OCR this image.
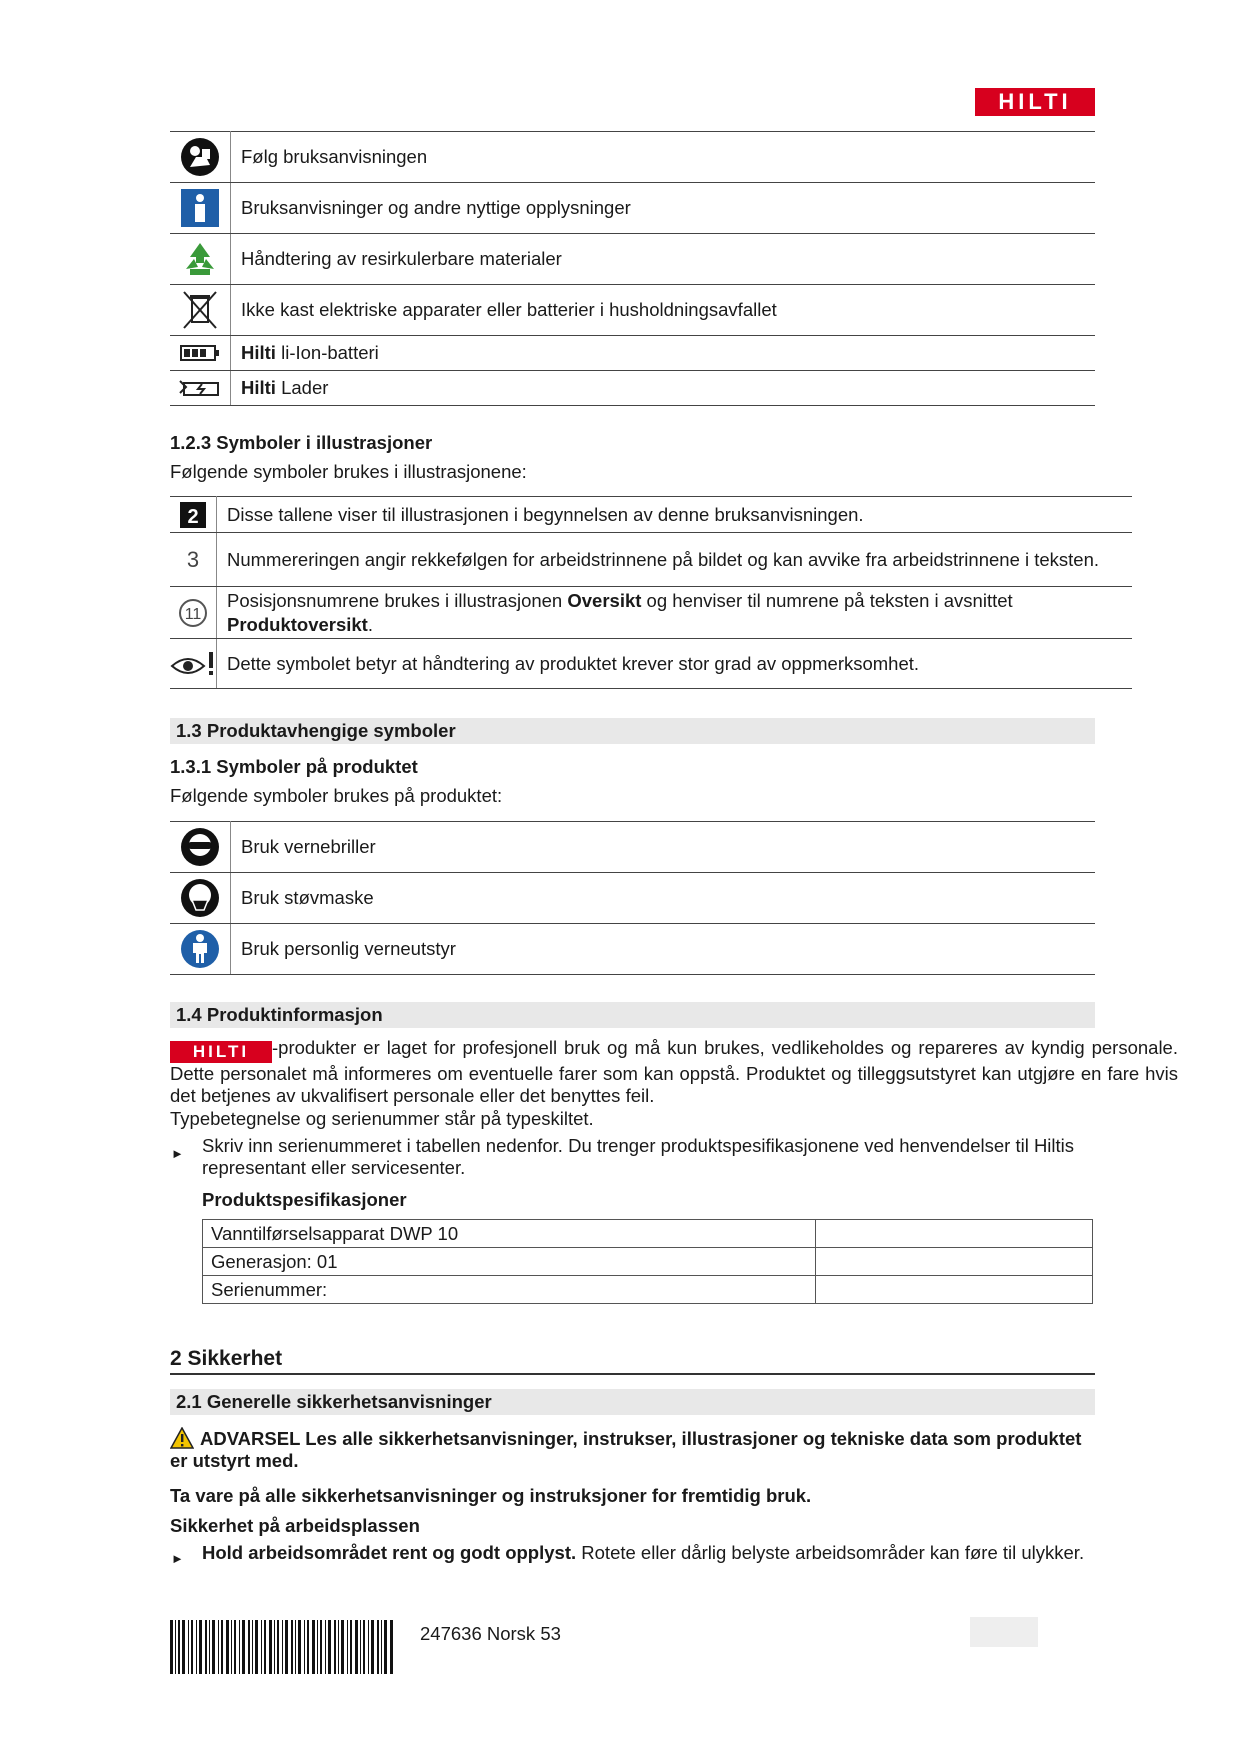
HILTI
	Følg bruksanvisningen

	Bruksanvisninger og andre nyttige opplysninger

	Håndtering av resirkulerbare materialer

	Ikke kast elektriske apparater eller batterier i husholdningsavfallet

	Hilti li-Ion-batteri

	Hilti Lader
1.2.3 Symboler i illustrasjoner
Følgende symboler brukes i illustrasjonene:
2	Disse tallene viser til illustrasjonen i begynnelsen av denne bruksanvisningen.
3	Nummereringen angir rekkefølgen for arbeidstrinnene på bildet og kan avvike fra arbeidstrinnene i teksten.

11	Posisjonsnumrene brukes i illustrasjonen Oversikt og henviser til numrene på teksten i avsnittet Produktoversikt.

	Dette symbolet betyr at håndtering av produktet krever stor grad av oppmerksomhet.
1.3 Produktavhengige symboler
1.3.1 Symboler på produktet
Følgende symboler brukes på produktet:
	Bruk vernebriller

	Bruk støvmaske

	Bruk personlig verneutstyr
1.4 Produktinformasjon
HILTI -produkter er laget for profesjonell bruk og må kun brukes, vedlikeholdes og repareres av kyndig personale. Dette personalet må informeres om eventuelle farer som kan oppstå. Produktet og tilleggsutstyret kan utgjøre en fare hvis det betjenes av ukvalifisert personale eller det benyttes feil.
Typebetegnelse og serienummer står på typeskiltet.
► Skriv inn serienummeret i tabellen nedenfor. Du trenger produktspesifikasjonene ved henvendelser til Hiltis representant eller servicesenter.
Produktspesifikasjoner
Vanntilførselsapparat DWP 10	
Generasjon: 01	
Serienummer:	
2 Sikkerhet
2.1 Generelle sikkerhetsanvisninger
ADVARSEL Les alle sikkerhetsanvisninger, instrukser, illustrasjoner og tekniske data som produktet er utstyrt med.
Ta vare på alle sikkerhetsanvisninger og instruksjoner for fremtidig bruk.
Sikkerhet på arbeidsplassen
► Hold arbeidsområdet rent og godt opplyst. Rotete eller dårlig belyste arbeidsområder kan føre til ulykker.
247636 Norsk 53
